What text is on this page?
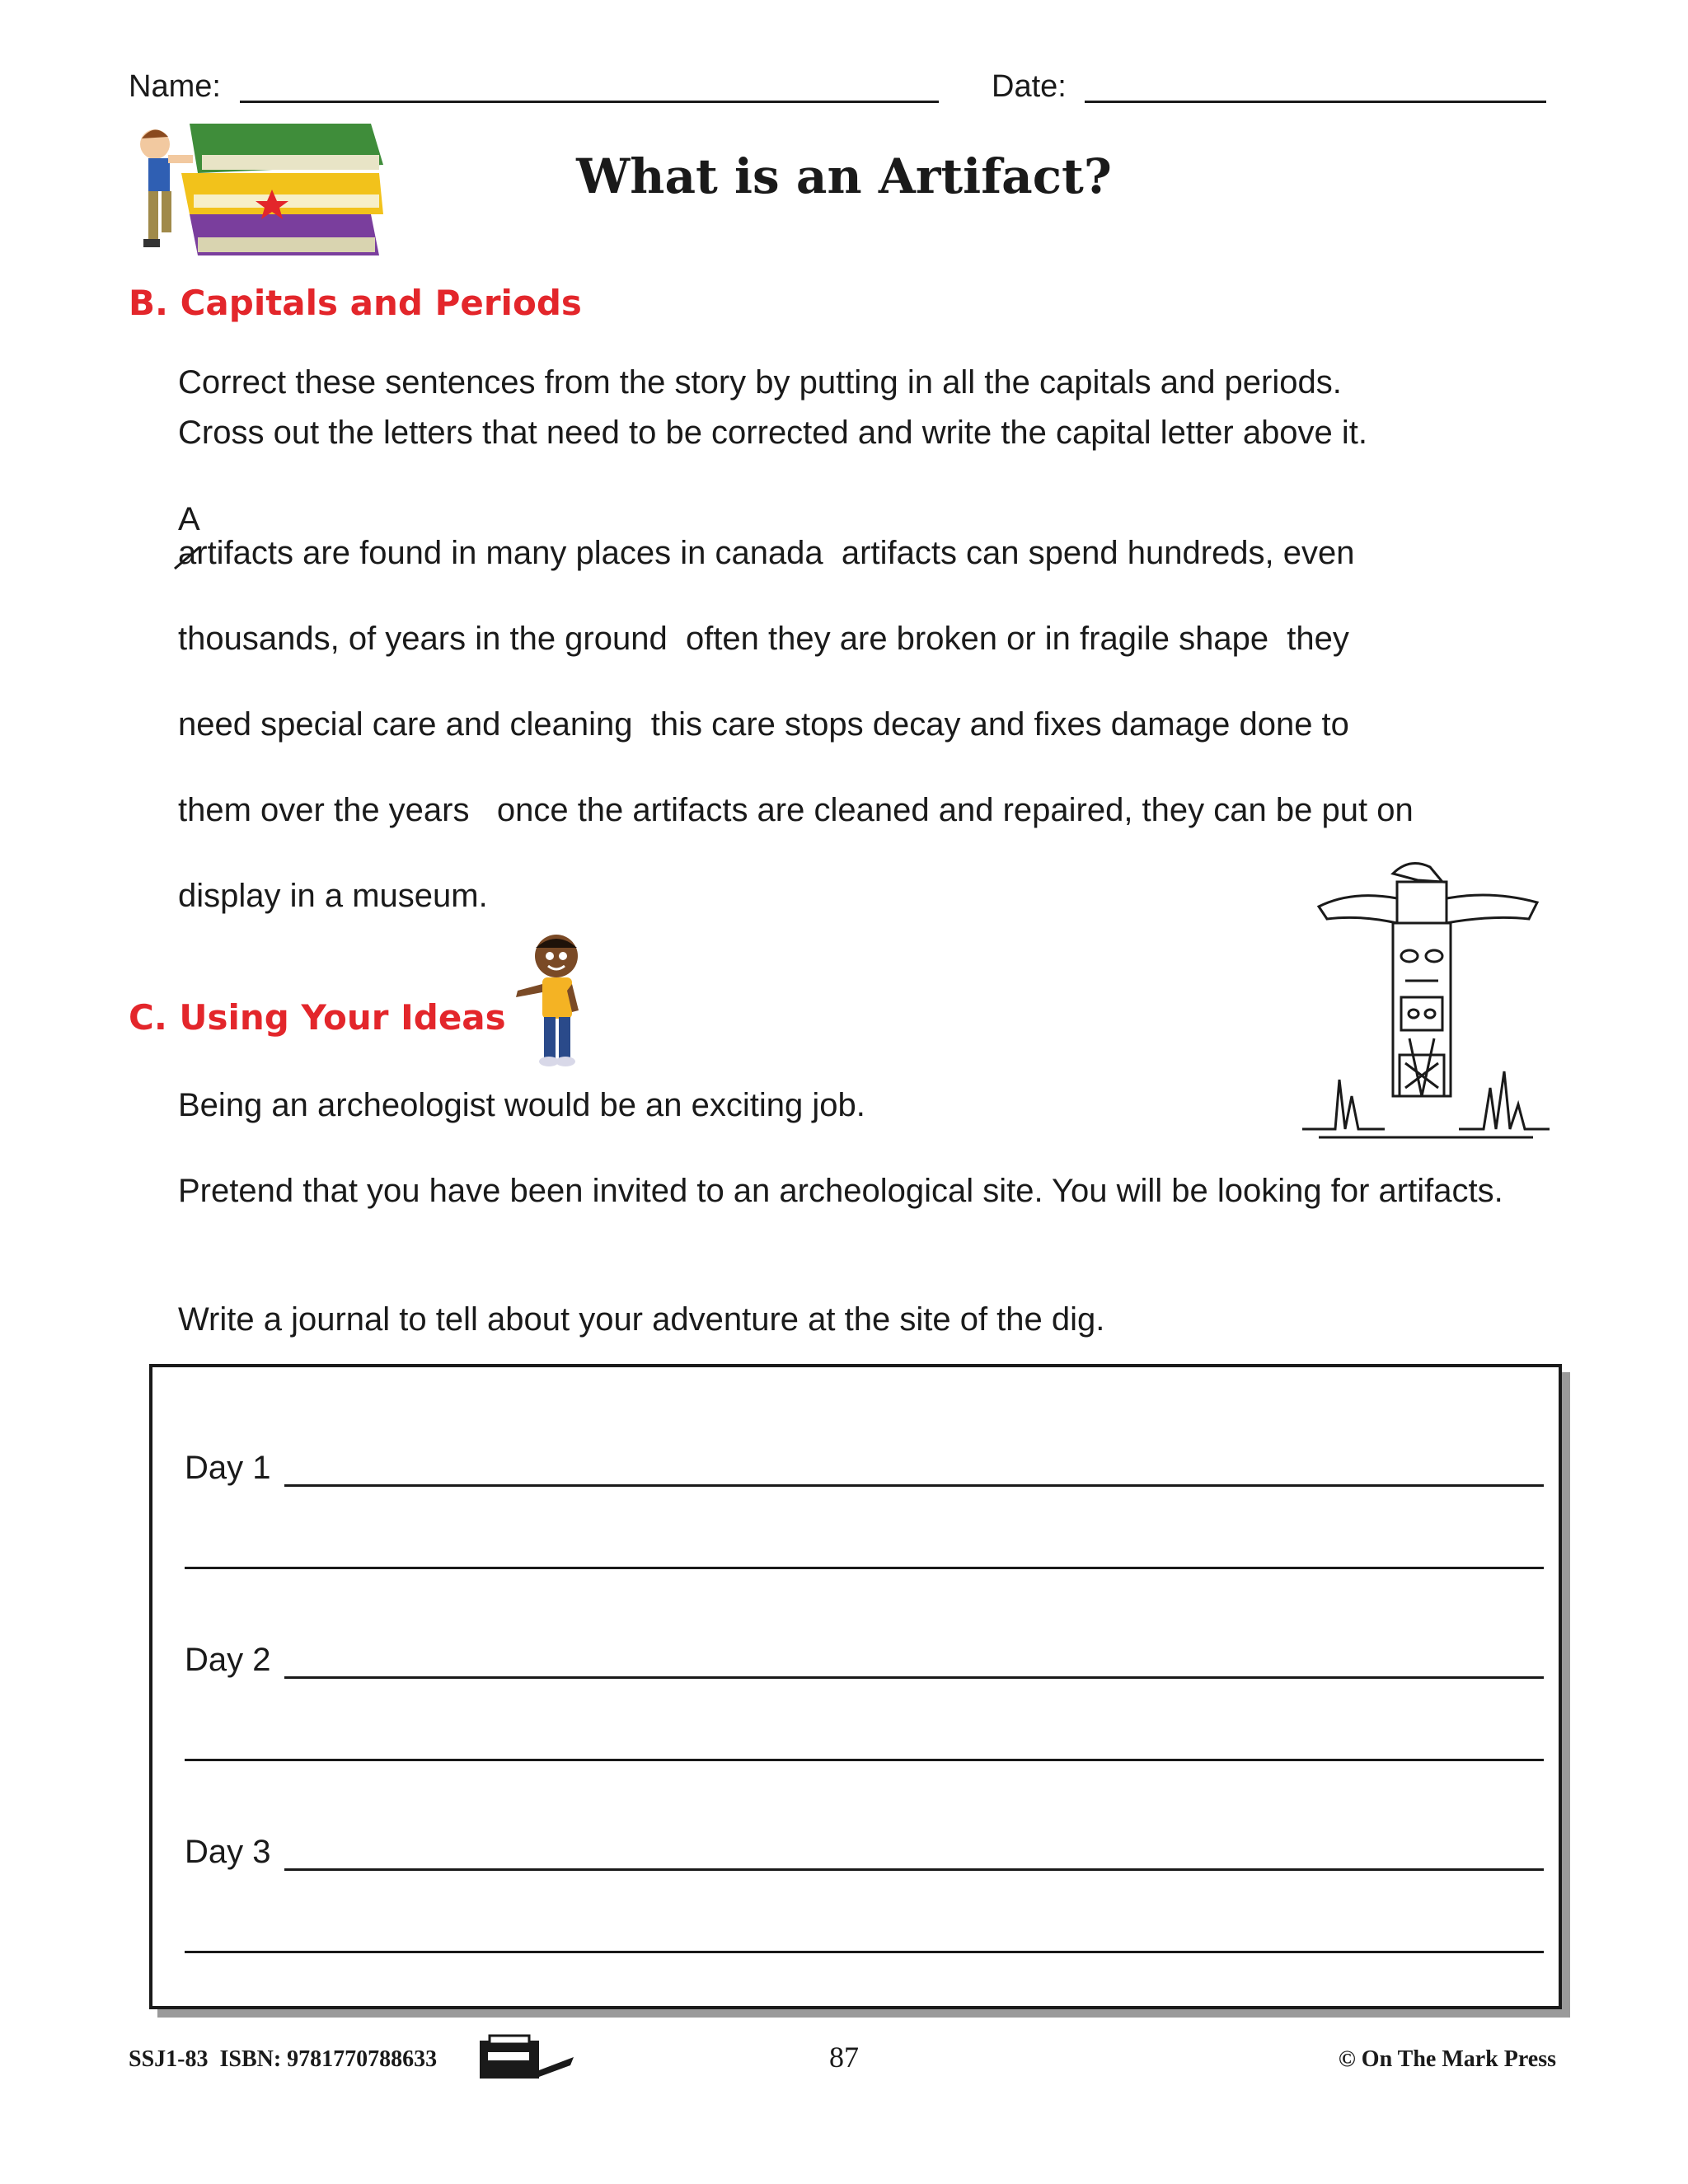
Name:	Date:
What is an Artifact?
B. Capitals and Periods
Correct these sentences from the story by putting in all the capitals and periods.
Cross out the letters that need to be corrected and write the capital letter above it.
A
artifacts are found in many places in canada  artifacts can spend hundreds, even
thousands, of years in the ground  often they are broken or in fragile shape  they
need special care and cleaning  this care stops decay and fixes damage done to
them over the years   once the artifacts are cleaned and repaired, they can be put on
display in a museum.
C. Using Your Ideas
Being an archeologist would be an exciting job.
Pretend that you have been invited to an archeological site. You will be looking for artifacts.
Write a journal to tell about your adventure at the site of the dig.
Day 1
Day 2
Day 3
SSJ1-83  ISBN: 9781770788633	87	© On The Mark Press
